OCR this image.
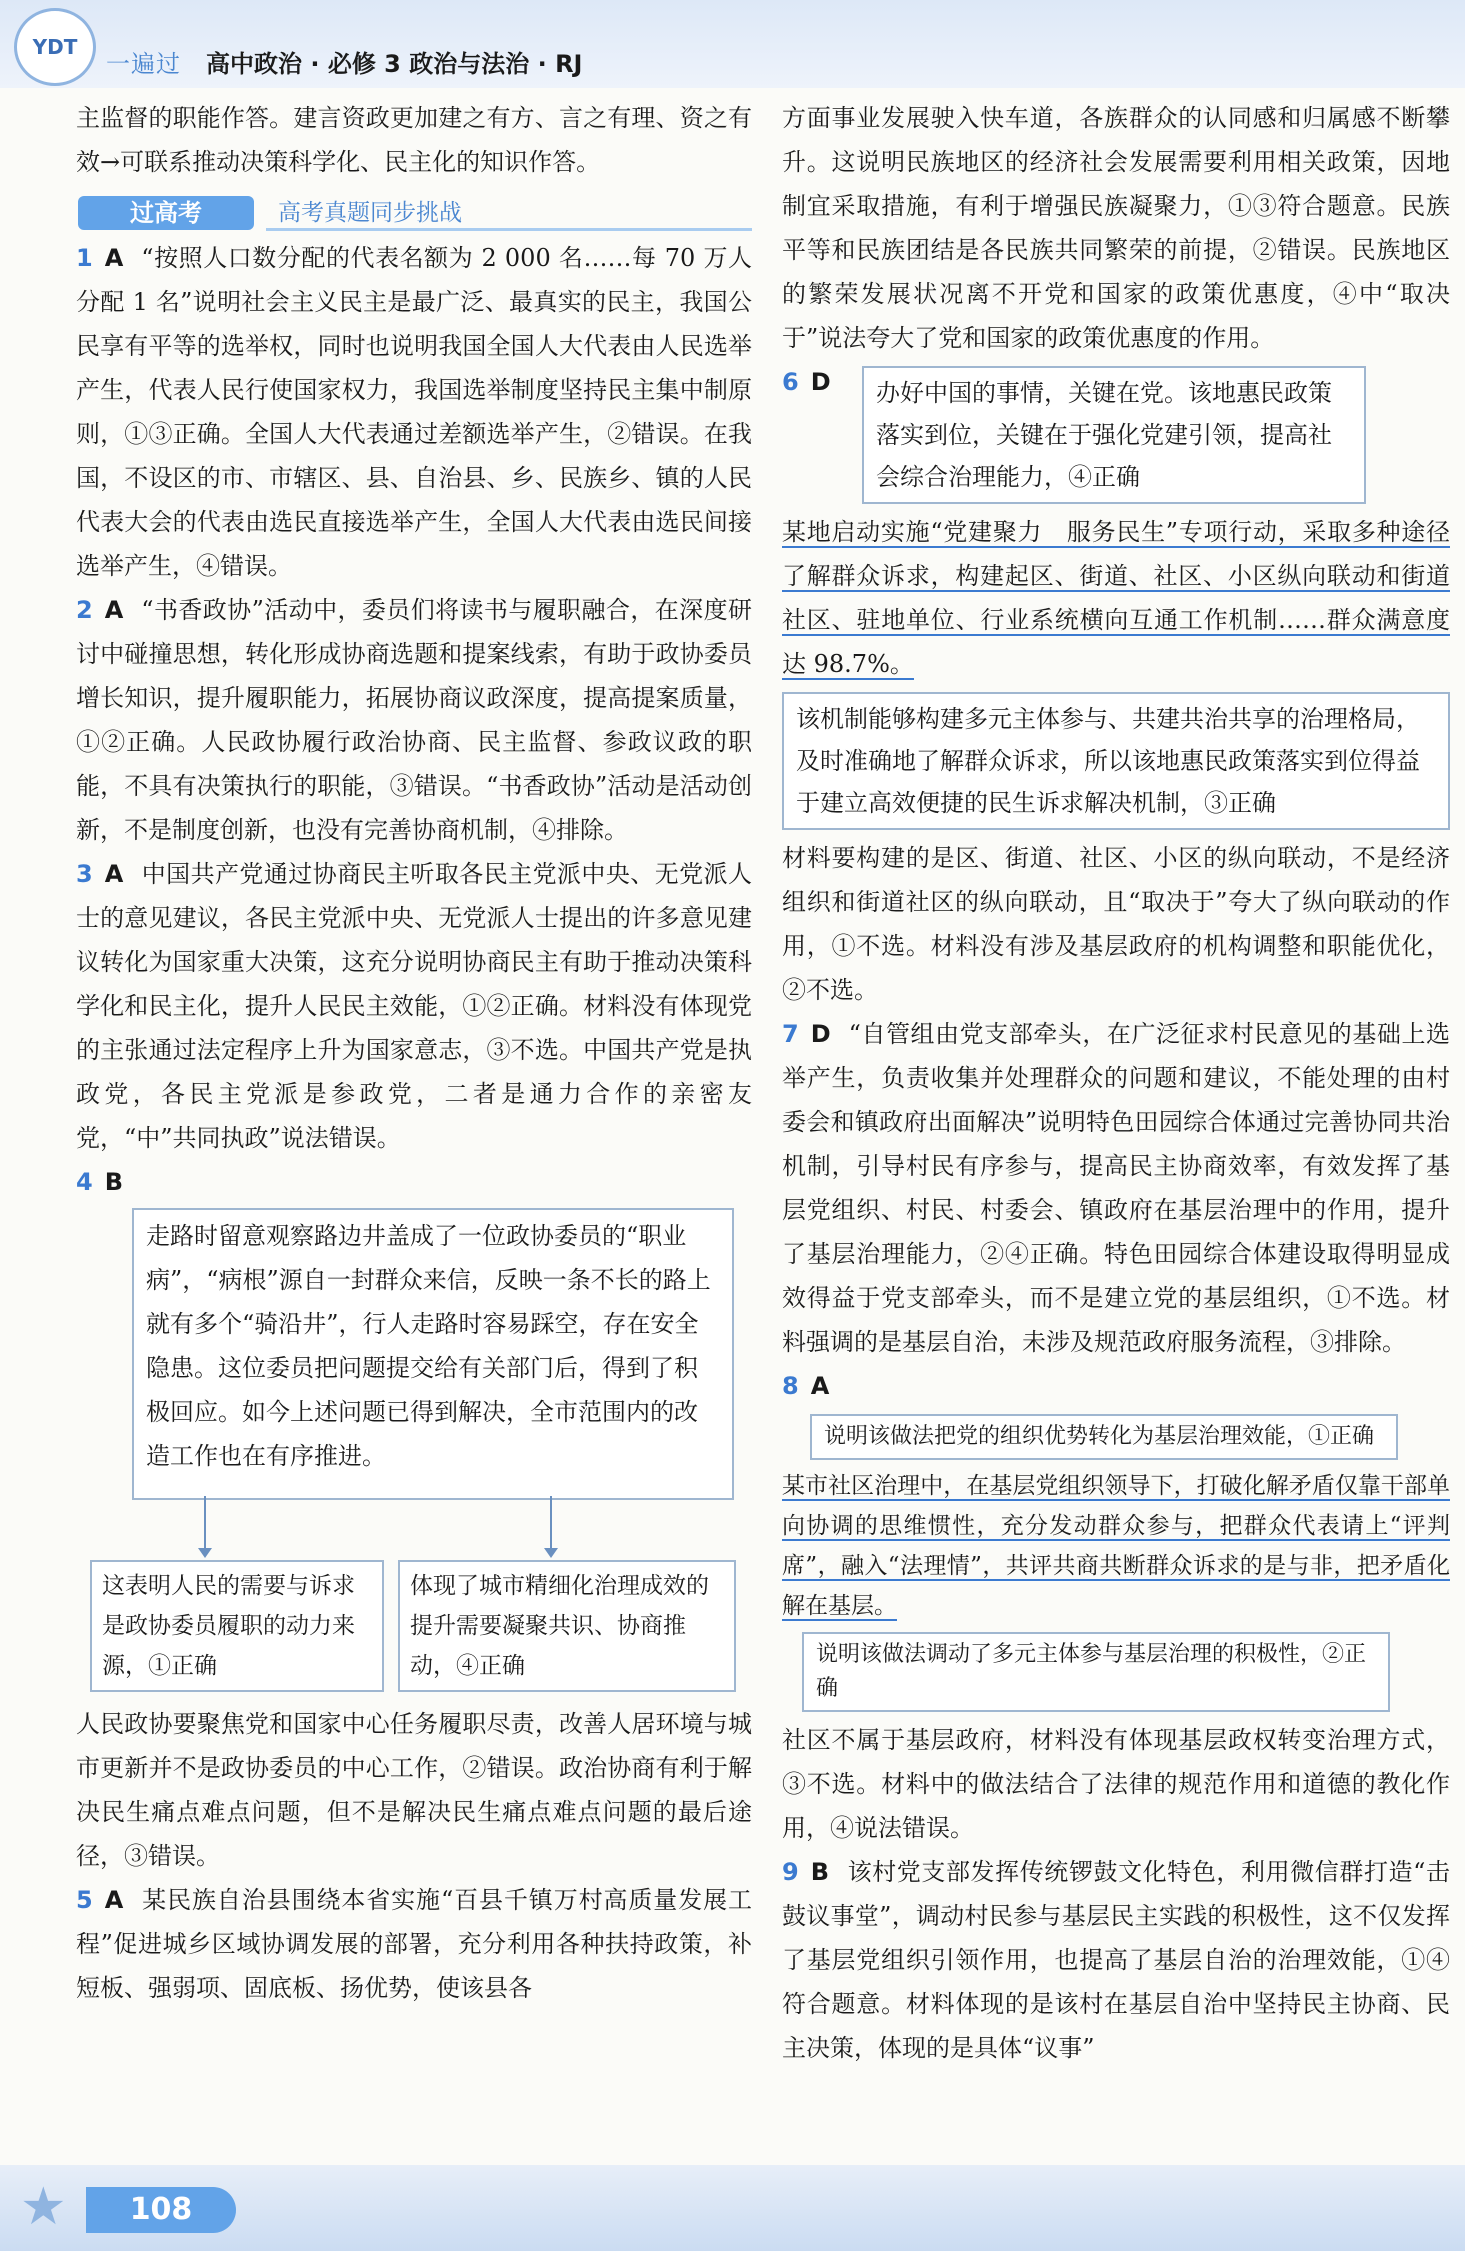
YDT
一遍过 高中政治 · 必修 3 政治与法治 · RJ

主监督的职能作答。建言资政更加建之有方、言之有理、资之有效→可联系推动决策科学化、民主化的知识作答。

过高考	高考真题同步挑战

1 A “按照人口数分配的代表名额为 2 000 名……每 70 万人分配 1 名”说明社会主义民主是最广泛、最真实的民主，我国公民享有平等的选举权，同时也说明我国全国人大代表由人民选举产生，代表人民行使国家权力，我国选举制度坚持民主集中制原则，①③正确。全国人大代表通过差额选举产生，②错误。在我国，不设区的市、市辖区、县、自治县、乡、民族乡、镇的人民代表大会的代表由选民直接选举产生，全国人大代表由选民间接选举产生，④错误。

2 A “书香政协”活动中，委员们将读书与履职融合，在深度研讨中碰撞思想，转化形成协商选题和提案线索，有助于政协委员增长知识，提升履职能力，拓展协商议政深度，提高提案质量，①②正确。人民政协履行政治协商、民主监督、参政议政的职能，不具有决策执行的职能，③错误。“书香政协”活动是活动创新，不是制度创新，也没有完善协商机制，④排除。

3 A 中国共产党通过协商民主听取各民主党派中央、无党派人士的意见建议，各民主党派中央、无党派人士提出的许多意见建议转化为国家重大决策，这充分说明协商民主有助于推动决策科学化和民主化，提升人民民主效能，①②正确。材料没有体现党的主张通过法定程序上升为国家意志，③不选。中国共产党是执政党，各民主党派是参政党，二者是通力合作的亲密友党，“中”共同执政”说法错误。

4 B

走路时留意观察路边井盖成了一位政协委员的“职业病”，“病根”源自一封群众来信，反映一条不长的路上就有多个“骑沿井”，行人走路时容易踩空，存在安全隐患。这位委员把问题提交给有关部门后，得到了积极回应。如今上述问题已得到解决，全市范围内的改造工作也在有序推进。
这表明人民的需要与诉求是政协委员履职的动力来源，①正确
体现了城市精细化治理成效的提升需要凝聚共识、协商推动，④正确

人民政协要聚焦党和国家中心任务履职尽责，改善人居环境与城市更新并不是政协委员的中心工作，②错误。政治协商有利于解决民生痛点难点问题，但不是解决民生痛点难点问题的最后途径，③错误。

5 A 某民族自治县围绕本省实施“百县千镇万村高质量发展工程”促进城乡区域协调发展的部署，充分利用各种扶持政策，补短板、强弱项、固底板、扬优势，使该县各

方面事业发展驶入快车道，各族群众的认同感和归属感不断攀升。这说明民族地区的经济社会发展需要利用相关政策，因地制宜采取措施，有利于增强民族凝聚力，①③符合题意。民族平等和民族团结是各民族共同繁荣的前提，②错误。民族地区的繁荣发展状况离不开党和国家的政策优惠度，④中“取决于”说法夸大了党和国家的政策优惠度的作用。

6 D	办好中国的事情，关键在党。该地惠民政策落实到位，关键在于强化党建引领，提高社会综合治理能力，④正确

某地启动实施“党建聚力　服务民生”专项行动，采取多种途径了解群众诉求，构建起区、街道、社区、小区纵向联动和街道社区、驻地单位、行业系统横向互通工作机制……群众满意度达 98.7%。

该机制能够构建多元主体参与、共建共治共享的治理格局，及时准确地了解群众诉求，所以该地惠民政策落实到位得益于建立高效便捷的民生诉求解决机制，③正确

材料要构建的是区、街道、社区、小区的纵向联动，不是经济组织和街道社区的纵向联动，且“取决于”夸大了纵向联动的作用，①不选。材料没有涉及基层政府的机构调整和职能优化，②不选。

7 D “自管组由党支部牵头，在广泛征求村民意见的基础上选举产生，负责收集并处理群众的问题和建议，不能处理的由村委会和镇政府出面解决”说明特色田园综合体通过完善协同共治机制，引导村民有序参与，提高民主协商效率，有效发挥了基层党组织、村民、村委会、镇政府在基层治理中的作用，提升了基层治理能力，②④正确。特色田园综合体建设取得明显成效得益于党支部牵头，而不是建立党的基层组织，①不选。材料强调的是基层自治，未涉及规范政府服务流程，③排除。

8 A

说明该做法把党的组织优势转化为基层治理效能，①正确

某市社区治理中，在基层党组织领导下，打破化解矛盾仅靠干部单向协调的思维惯性，充分发动群众参与，把群众代表请上“评判席”，融入“法理情”，共评共商共断群众诉求的是与非，把矛盾化解在基层。

说明该做法调动了多元主体参与基层治理的积极性，②正确

社区不属于基层政府，材料没有体现基层政权转变治理方式，③不选。材料中的做法结合了法律的规范作用和道德的教化作用，④说法错误。

9 B 该村党支部发挥传统锣鼓文化特色，利用微信群打造“击鼓议事堂”，调动村民参与基层民主实践的积极性，这不仅发挥了基层党组织引领作用，也提高了基层自治的治理效能，①④符合题意。材料体现的是该村在基层自治中坚持民主协商、民主决策，体现的是具体“议事”

★	108
